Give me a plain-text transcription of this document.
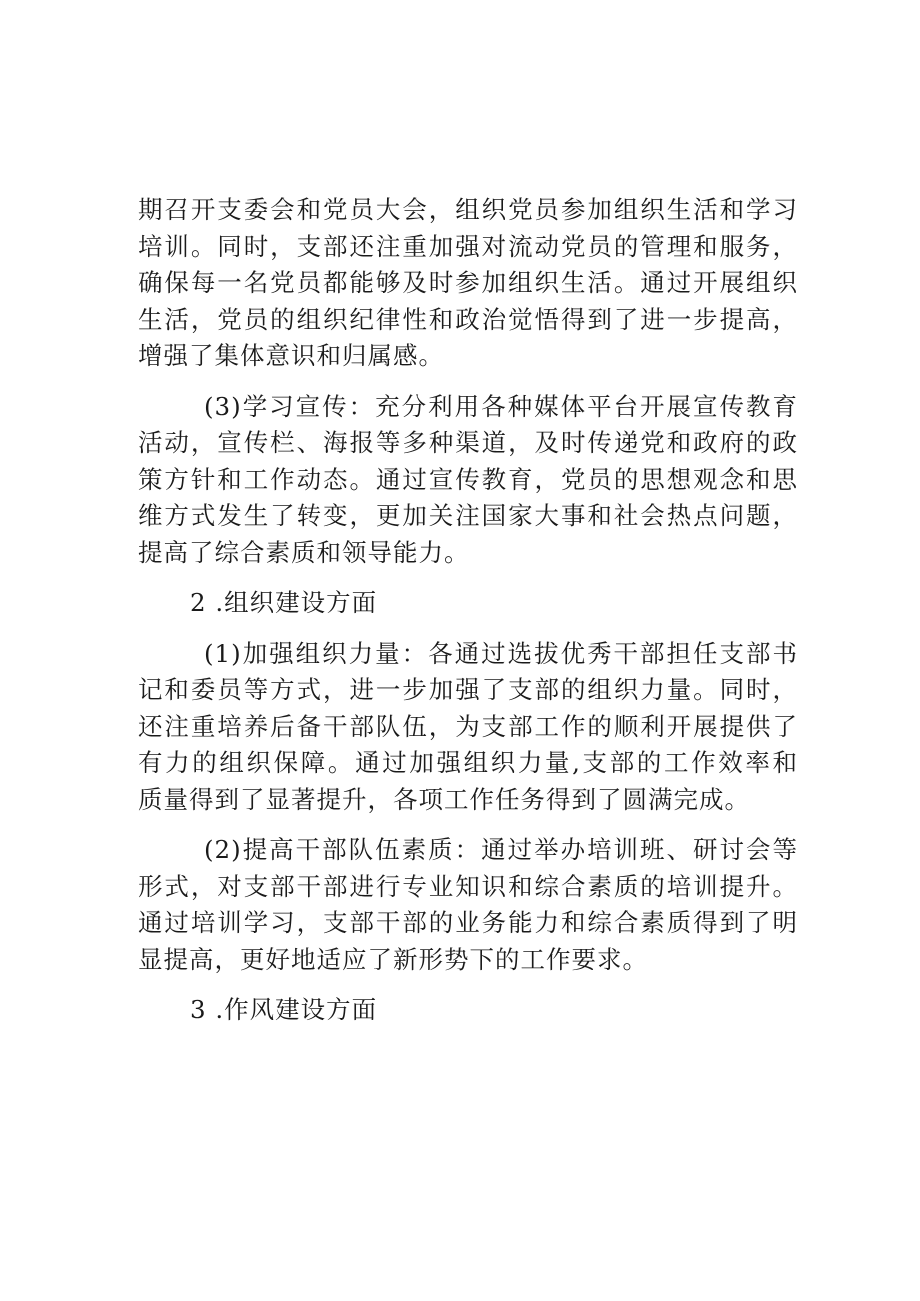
期召开支委会和党员大会，组织党员参加组织生活和学习
培训。同时，支部还注重加强对流动党员的管理和服务，
确保每一名党员都能够及时参加组织生活。通过开展组织
生活，党员的组织纪律性和政治觉悟得到了进一步提高，
增强了集体意识和归属感。
(3)学习宣传：充分利用各种媒体平台开展宣传教育
活动，宣传栏、海报等多种渠道，及时传递党和政府的政
策方针和工作动态。通过宣传教育，党员的思想观念和思
维方式发生了转变，更加关注国家大事和社会热点问题，
提高了综合素质和领导能力。
2 .组织建设方面
(1)加强组织力量：各通过选拔优秀干部担任支部书
记和委员等方式，进一步加强了支部的组织力量。同时，
还注重培养后备干部队伍，为支部工作的顺利开展提供了
有力的组织保障。通过加强组织力量,支部的工作效率和
质量得到了显著提升，各项工作任务得到了圆满完成。
(2)提高干部队伍素质：通过举办培训班、研讨会等
形式，对支部干部进行专业知识和综合素质的培训提升。
通过培训学习，支部干部的业务能力和综合素质得到了明
显提高，更好地适应了新形势下的工作要求。
3 .作风建设方面
